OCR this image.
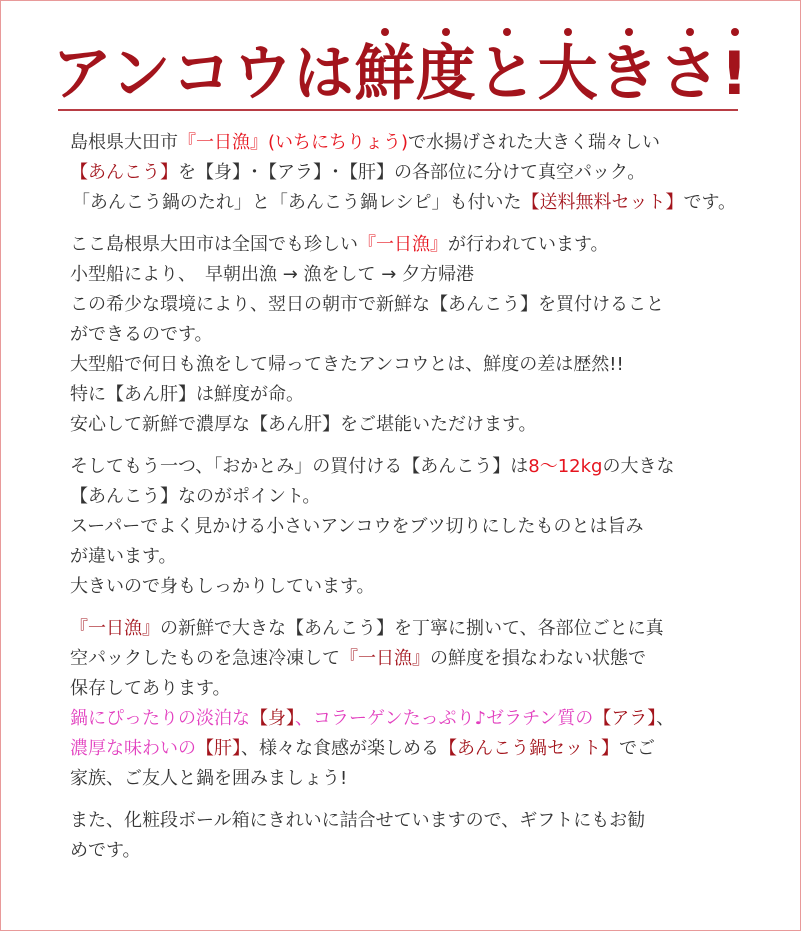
アンコウは
鮮
度
と
大
き
さ
!
島根県大田市『一日漁』(いちにちりょう)で水揚げされた大きく瑞々しい
【あんこう】を【身】･【アラ】･【肝】の各部位に分けて真空パック。
「あんこう鍋のたれ」と「あんこう鍋レシピ」も付いた【送料無料セット】です。
ここ島根県大田市は全国でも珍しい『一日漁』が行われています。
小型船により、　早朝出漁 → 漁をして → 夕方帰港
この希少な環境により、翌日の朝市で新鮮な【あんこう】を買付けること
ができるのです。
大型船で何日も漁をして帰ってきたアンコウとは、鮮度の差は歴然!!
特に【あん肝】は鮮度が命。
安心して新鮮で濃厚な【あん肝】をご堪能いただけます。
そしてもう一つ、「おかとみ」の買付ける【あんこう】は8〜12kgの大きな
【あんこう】なのがポイント。
スーパーでよく見かける小さいアンコウをブツ切りにしたものとは旨み
が違います。
大きいので身もしっかりしています。
『一日漁』の新鮮で大きな【あんこう】を丁寧に捌いて、各部位ごとに真
空パックしたものを急速冷凍して『一日漁』の鮮度を損なわない状態で
保存してあります。
鍋にぴったりの淡泊な【身】、コラーゲンたっぷり♪ゼラチン質の【アラ】、
濃厚な味わいの【肝】、様々な食感が楽しめる【あんこう鍋セット】でご
家族、ご友人と鍋を囲みましょう!
また、化粧段ボール箱にきれいに詰合せていますので、ギフトにもお勧
めです。
